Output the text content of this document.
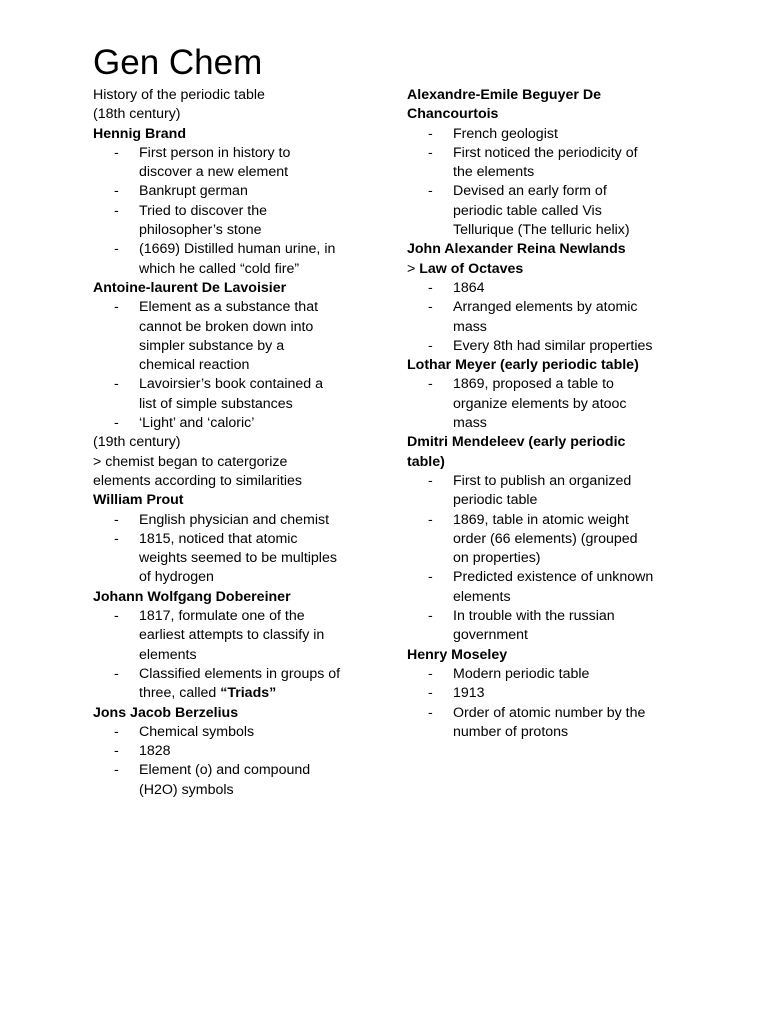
Gen Chem
History of the periodic table
(18th century)
Hennig Brand
- First person in history to
discover a new element
- Bankrupt german
- Tried to discover the
philosopher’s stone
- (1669) Distilled human urine, in
which he called “cold fire”
Antoine-laurent De Lavoisier
- Element as a substance that
cannot be broken down into
simpler substance by a
chemical reaction
- Lavoirsier’s book contained a
list of simple substances
- ‘Light’ and ‘caloric’
(19th century)
> chemist began to catergorize
elements according to similarities
William Prout
- English physician and chemist
- 1815, noticed that atomic
weights seemed to be multiples
of hydrogen
Johann Wolfgang Dobereiner
- 1817, formulate one of the
earliest attempts to classify in
elements
- Classified elements in groups of
three, called “Triads”
Jons Jacob Berzelius
- Chemical symbols
- 1828
- Element (o) and compound
(H2O) symbols
Alexandre-Emile Beguyer De
Chancourtois
- French geologist
- First noticed the periodicity of
the elements
- Devised an early form of
periodic table called Vis
Tellurique (The telluric helix)
John Alexander Reina Newlands
> Law of Octaves
- 1864
- Arranged elements by atomic
mass
- Every 8th had similar properties
Lothar Meyer (early periodic table)
- 1869, proposed a table to
organize elements by atooc
mass
Dmitri Mendeleev (early periodic
table)
- First to publish an organized
periodic table
- 1869, table in atomic weight
order (66 elements) (grouped
on properties)
- Predicted existence of unknown
elements
- In trouble with the russian
government
Henry Moseley
- Modern periodic table
- 1913
- Order of atomic number by the
number of protons
